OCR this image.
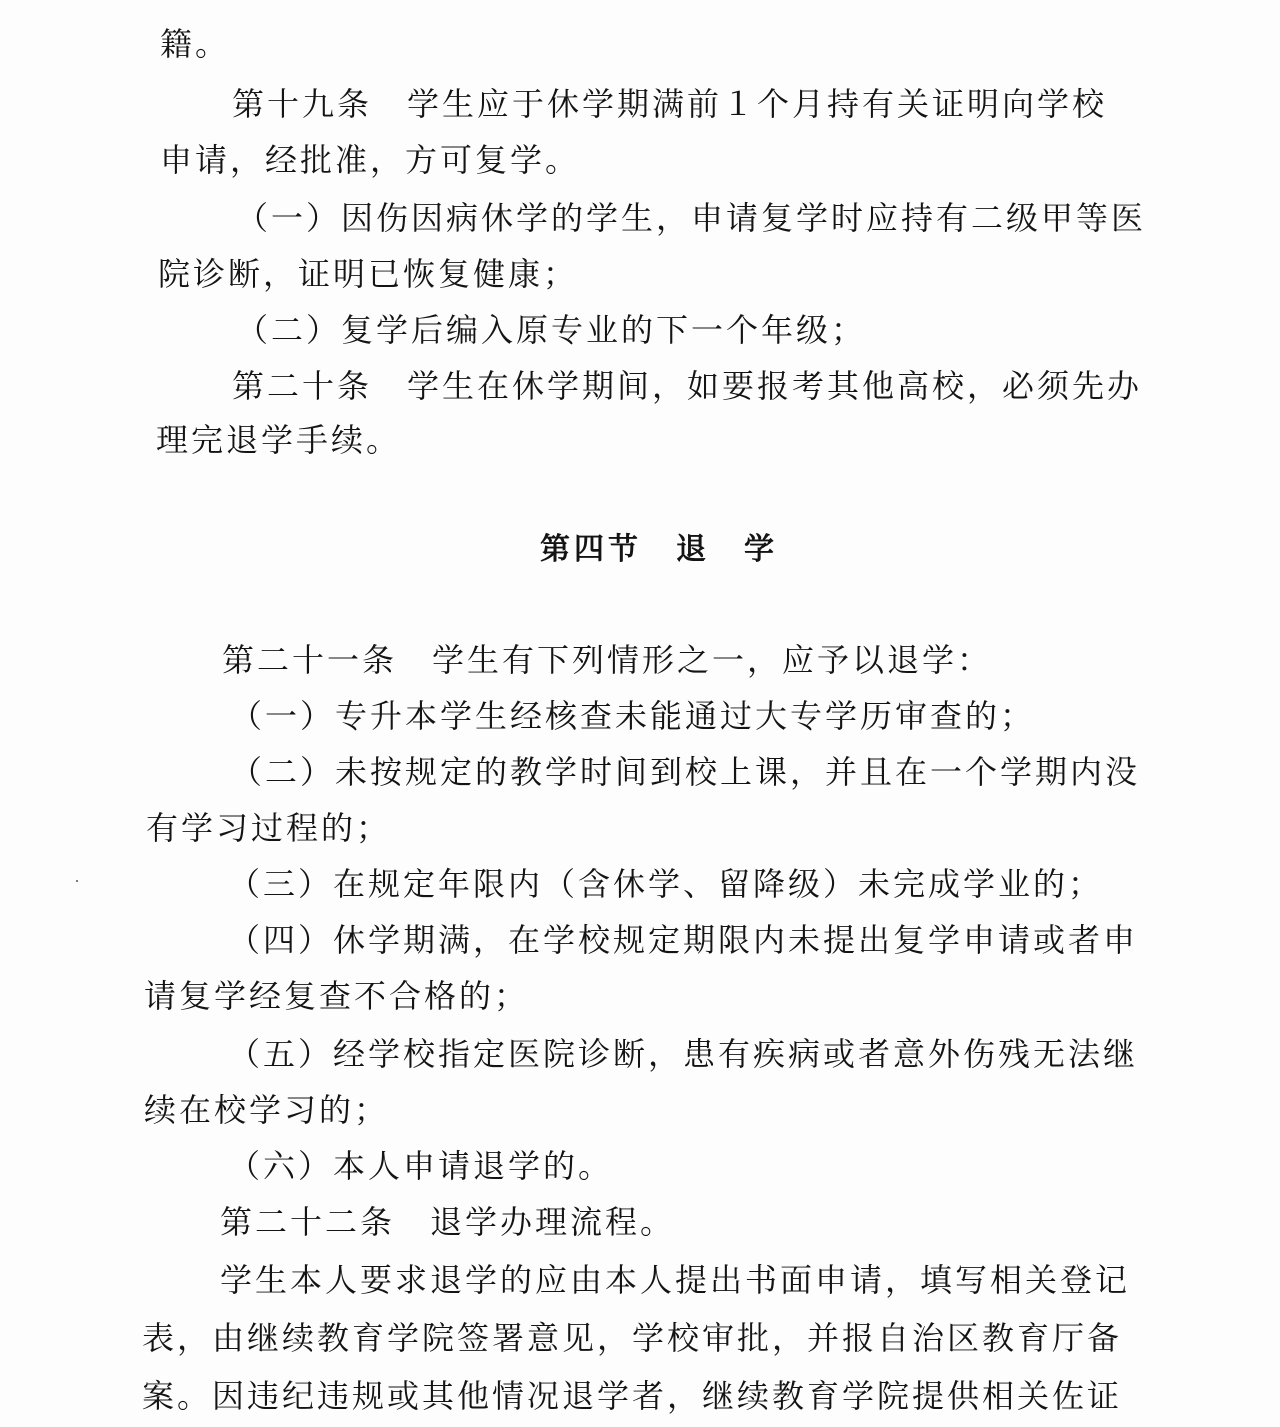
籍。
第十九条　学生应于休学期满前１个月持有关证明向学校
申请，经批准，方可复学。
（一）因伤因病休学的学生，申请复学时应持有二级甲等医
院诊断，证明已恢复健康；
（二）复学后编入原专业的下一个年级；
第二十条　学生在休学期间，如要报考其他高校，必须先办
理完退学手续。
第四节　退　学
第二十一条　学生有下列情形之一，应予以退学：
（一）专升本学生经核查未能通过大专学历审查的；
（二）未按规定的教学时间到校上课，并且在一个学期内没
有学习过程的；
（三）在规定年限内（含休学、留降级）未完成学业的；
（四）休学期满，在学校规定期限内未提出复学申请或者申
请复学经复查不合格的；
（五）经学校指定医院诊断，患有疾病或者意外伤残无法继
续在校学习的；
（六）本人申请退学的。
第二十二条　退学办理流程。
学生本人要求退学的应由本人提出书面申请，填写相关登记
表，由继续教育学院签署意见，学校审批，并报自治区教育厅备
案。因违纪违规或其他情况退学者，继续教育学院提供相关佐证
